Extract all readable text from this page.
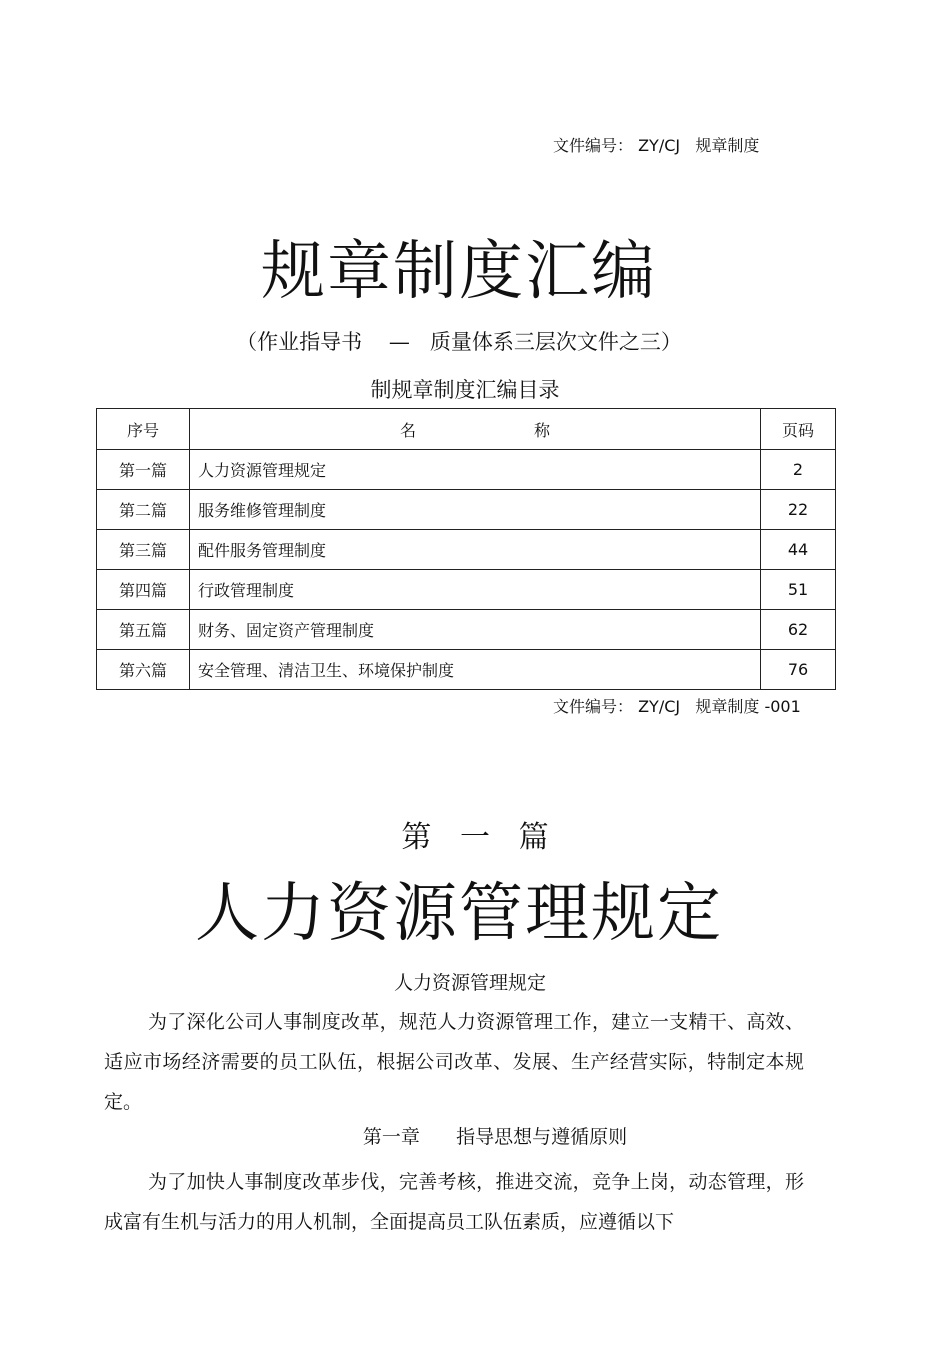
文件编号： ZY/CJ   规章制度
规章制度汇编
（作业指导书    —   质量体系三层次文件之三）
制规章制度汇编目录
序号	名 称	页码
第一篇	人力资源管理规定	2
第二篇	服务维修管理制度	22
第三篇	配件服务管理制度	44
第四篇	行政管理制度	51
第五篇	财务、固定资产管理制度	62
第六篇	安全管理、清洁卫生、环境保护制度	76
文件编号： ZY/CJ   规章制度 -001
第   一   篇
人力资源管理规定
人力资源管理规定
为了深化公司人事制度改革，规范人力资源管理工作，建立一支精干、高效、适应市场经济需要的员工队伍，根据公司改革、发展、生产经营实际，特制定本规定。
第一章      指导思想与遵循原则
为了加快人事制度改革步伐，完善考核，推进交流，竞争上岗，动态管理，形成富有生机与活力的用人机制，全面提高员工队伍素质，应遵循以下
